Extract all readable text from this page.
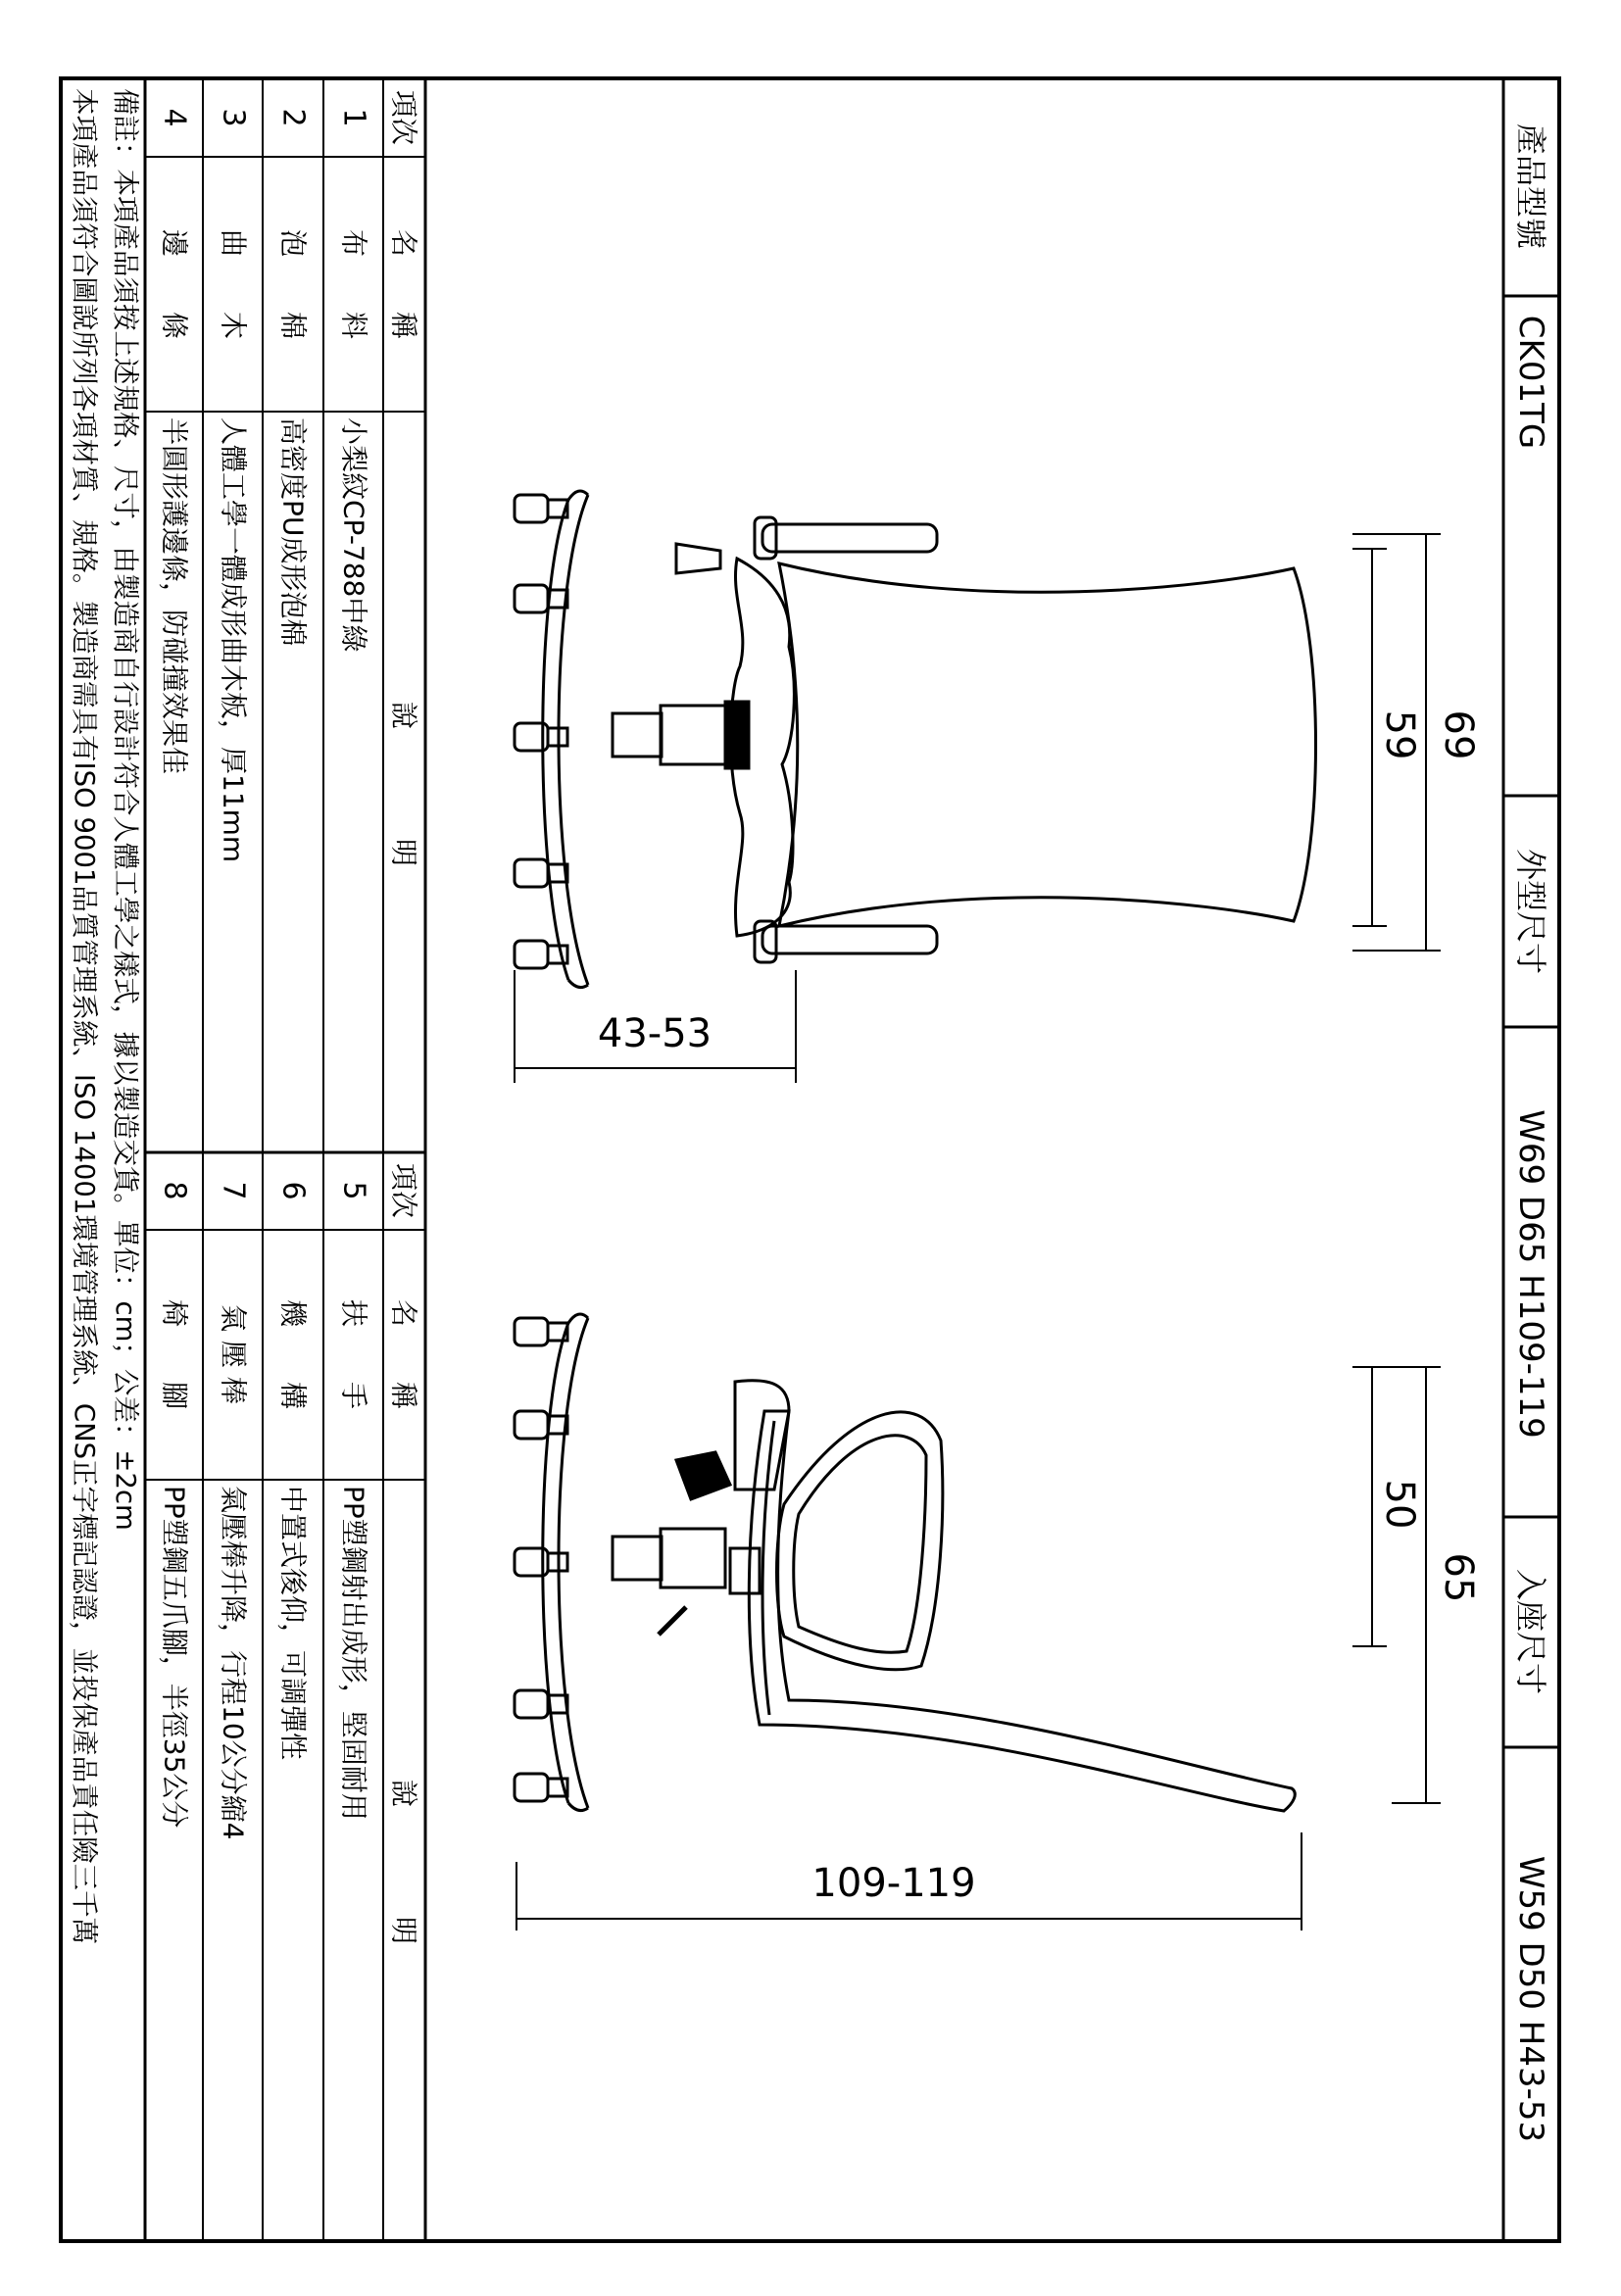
產品型號
CK01TG
外型尺寸
W69 D65 H109-119
入座尺寸
W59 D50 H43-53
項次
名　　稱
說　　　　明
項次
名　　稱
說　　　　明
1
布　　料
小梨紋CP-788中綠
2
泡　　棉
高密度PU成形泡棉
3
曲　　木
人體工學一體成形曲木板，厚11mm
4
邊　　條
半圓形護邊條，防碰撞效果佳
5
扶　　手
PP塑鋼射出成形，堅固耐用
6
機　　構
中置式後仰，可調彈性
7
氣 壓 棒
氣壓棒升降，行程10公分縮4
8
椅　　腳
PP塑鋼五爪腳，半徑35公分
備註：本項產品須按上述規格、尺寸，由製造商自行設計符合人體工學之樣式，據以製造交貨。單位：cm；公差：±2cm
本項產品須符合圖說所列各項材質、規格。製造商需具有ISO 9001品質管理系統、ISO 14001環境管理系統、CNS正字標記認證，並投保產品責任險三千萬	69
59
43-53
65
50
109-119
